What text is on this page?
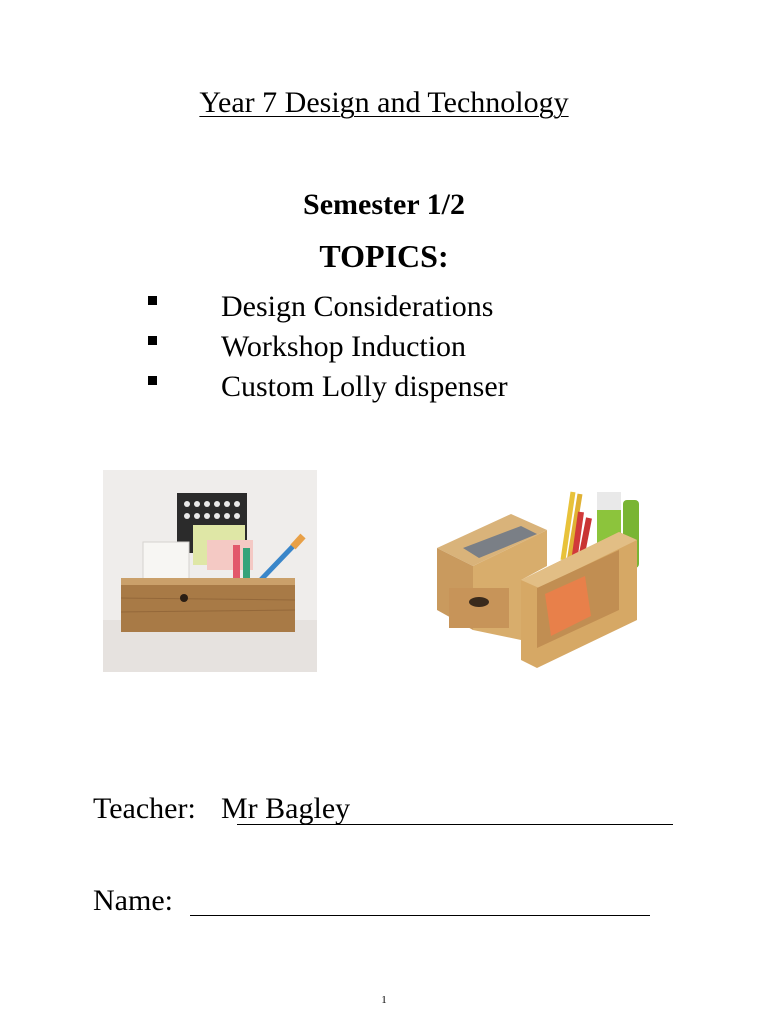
Year 7 Design and Technology
Semester 1/2
TOPICS:
Design Considerations
Workshop Induction
Custom Lolly dispenser
Teacher: Mr Bagley
Name:
1
